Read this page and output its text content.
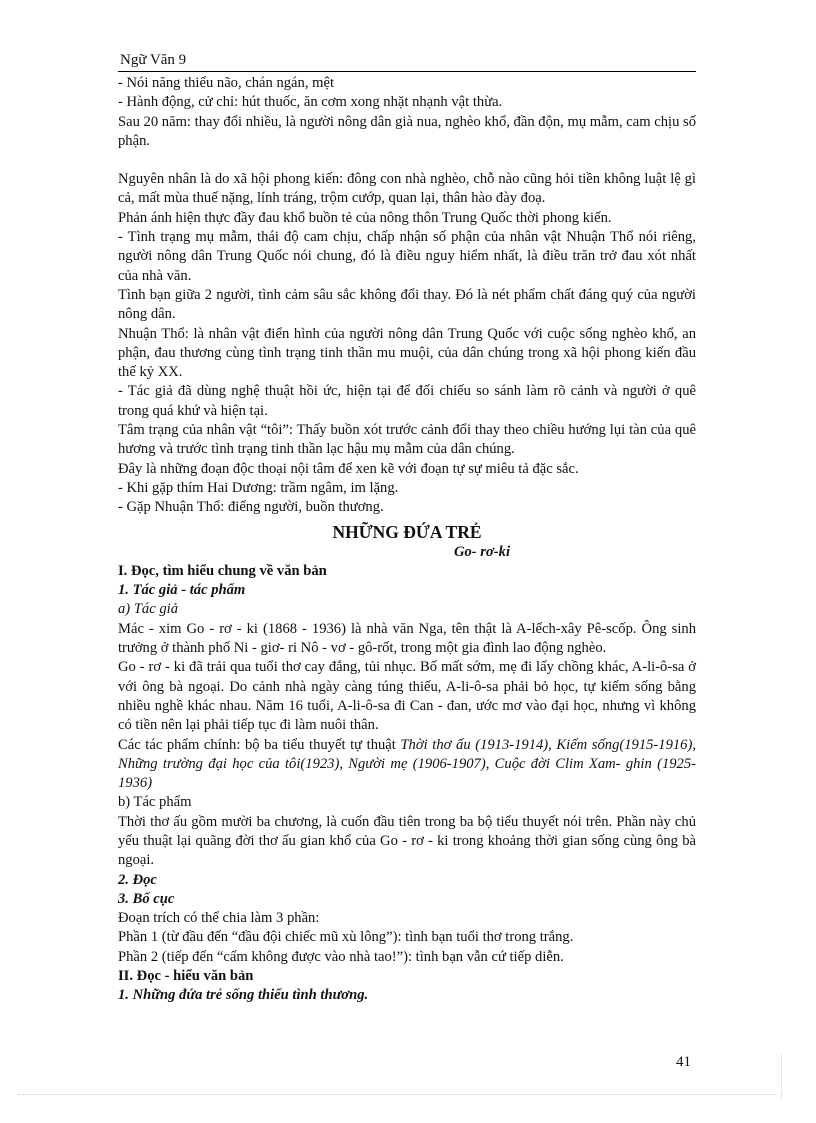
Ngữ Văn 9

- Nói năng thiểu não, chán ngán, mệt

- Hành động, cử chỉ: hút thuốc, ăn cơm xong nhặt nhạnh vật thừa.

Sau 20 năm: thay đổi nhiều, là người nông dân già nua, nghèo khổ, đần độn, mụ mẫm, cam chịu số phận.

Nguyên nhân là do xã hội phong kiến: đông con nhà nghèo, chỗ nào cũng hỏi tiền không luật lệ gì cả, mất mùa thuế nặng, lính tráng, trộm cướp, quan lại, thân hào đày đoạ.

Phản ánh hiện thực đầy đau khổ buồn tẻ của nông thôn Trung Quốc thời phong kiến.

- Tình trạng mụ mẫm, thái độ cam chịu, chấp nhận số phận của nhân vật Nhuận Thổ nói riêng, người nông dân Trung Quốc nói chung, đó là điều nguy hiểm nhất, là điều trăn trở đau xót nhất của nhà văn.

Tình bạn giữa 2 người, tình cảm sâu sắc không đổi thay. Đó là nét phẩm chất đáng quý của người nông dân.

Nhuận Thổ: là nhân vật điển hình của người nông dân Trung Quốc với cuộc sống nghèo khổ, an phận, đau thương cùng tình trạng tinh thần mu muội, của dân chúng trong xã hội phong kiến đầu thế kỷ XX.

- Tác giả đã dùng nghệ thuật hồi ức, hiện tại để đối chiếu so sánh làm rõ cảnh và người ở quê trong quá khứ và hiện tại.

Tâm trạng của nhân vật “tôi”: Thấy buồn xót trước cảnh đổi thay theo chiều hướng lụi tàn của quê hương và trước tình trạng tinh thần lạc hậu mụ mẫm của dân chúng.

Đây là những đoạn độc thoại nội tâm để xen kẽ với đoạn tự sự miêu tả đặc sắc.

- Khi gặp thím Hai Dương: trầm ngâm, im lặng.

- Gặp Nhuận Thổ: điếng người, buồn thương.

NHỮNG ĐỨA TRẺ
Go- rơ-ki

I. Đọc, tìm hiểu chung về văn bản

1. Tác giả - tác phẩm

a) Tác giả

Mác - xim Go - rơ - ki (1868 - 1936) là nhà văn Nga, tên thật là A-lếch-xây Pê-scốp. Ông sinh trưởng ở thành phố Ni - giơ- ri Nô - vơ - gô-rốt, trong một gia đình lao động nghèo.

Go - rơ - ki đã trải qua tuổi thơ cay đắng, tủi nhục. Bố mất sớm, mẹ đi lấy chồng khác, A-li-ô-sa ở với ông bà ngoại. Do cảnh nhà ngày càng túng thiếu, A-li-ô-sa phải bỏ học, tự kiếm sống bằng nhiều nghề khác nhau. Năm 16 tuổi, A-li-ô-sa đi Can - đan, ước mơ vào đại học, nhưng vì không có tiền nên lại phải tiếp tục đi làm nuôi thân.

Các tác phẩm chính: bộ ba tiểu thuyết tự thuật Thời thơ ấu (1913-1914), Kiếm sống(1915-1916), Những trường đại học của tôi(1923), Người mẹ (1906-1907), Cuộc đời Clim Xam- ghin (1925-1936)

b) Tác phẩm

Thời thơ ấu gồm mười ba chương, là cuốn đầu tiên trong ba bộ tiểu thuyết nói trên. Phần này chủ yếu thuật lại quãng đời thơ ấu gian khổ của Go - rơ - ki trong khoảng thời gian sống cùng ông bà ngoại.

2. Đọc

3. Bố cục

Đoạn trích có thể chia làm 3 phần:

Phần 1 (từ đầu đến “đầu đội chiếc mũ xù lông”): tình bạn tuổi thơ trong trắng.

Phần 2 (tiếp đến “cấm không được vào nhà tao!”): tình bạn vẫn cứ tiếp diễn.

II. Đọc - hiểu văn bản

1. Những đứa trẻ sống thiếu tình thương.

41
